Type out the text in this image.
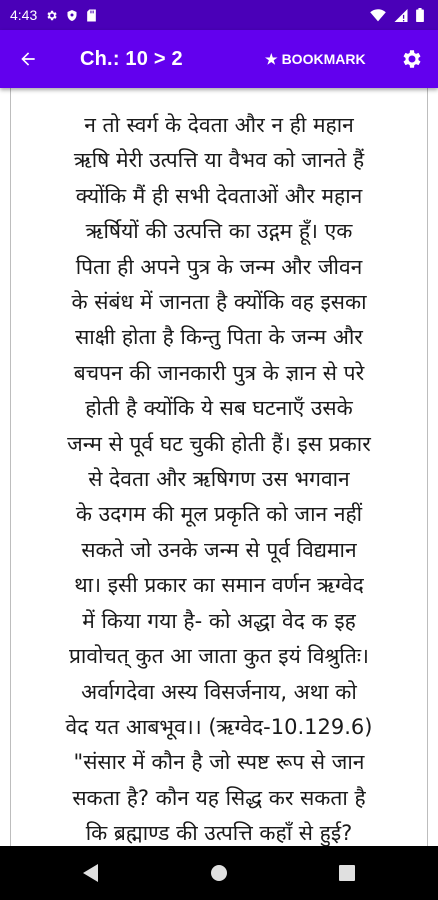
4:43
Ch.: 10 > 2	★ BOOKMARK

न तो स्वर्ग के देवता और न ही महान
ऋषि मेरी उत्पत्ति या वैभव को जानते हैं
क्योंकि मैं ही सभी देवताओं और महान
ऋर्षियों की उत्पत्ति का उद्गम हूँ। एक
पिता ही अपने पुत्र के जन्म और जीवन
के संबंध में जानता है क्योंकि वह इसका
साक्षी होता है किन्तु पिता के जन्म और
बचपन की जानकारी पुत्र के ज्ञान से परे
होती है क्योंकि ये सब घटनाएँ उसके
जन्म से पूर्व घट चुकी होती हैं। इस प्रकार
से देवता और ऋषिगण उस भगवान
के उदगम की मूल प्रकृति को जान नहीं
सकते जो उनके जन्म से पूर्व विद्यमान
था। इसी प्रकार का समान वर्णन ऋग्वेद
में किया गया है- को अद्धा वेद क इह
प्रावोचत् कुत आ जाता कुत इयं विश्रुतिः।
अर्वागदेवा अस्य विसर्जनाय, अथा को
वेद यत आबभूव।। (ऋग्वेद-10.129.6)
"संसार में कौन है जो स्पष्ट रूप से जान
सकता है? कौन यह सिद्ध कर सकता है
कि ब्रह्माण्ड की उत्पत्ति कहाँ से हुई?
